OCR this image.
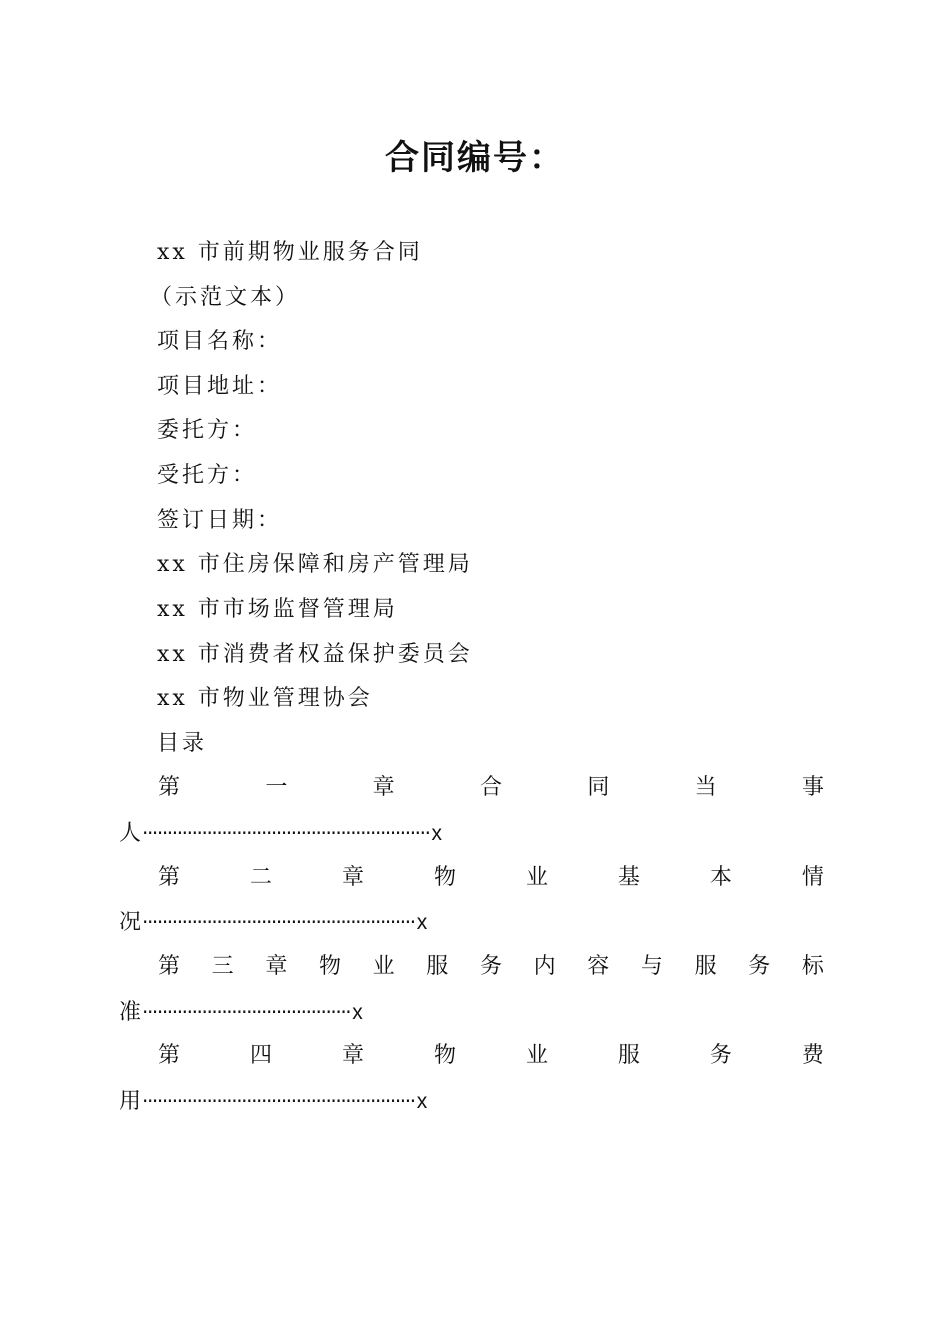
合同编号：
xx 市前期物业服务合同
（示范文本）
项目名称：
项目地址：
委托方：
受托方：
签订日期：
xx 市住房保障和房产管理局
xx 市市场监督管理局
xx 市消费者权益保护委员会
xx 市物业管理协会
目录
第	一	章	合	同	当	事
人··························································x
第	二	章	物	业	基	本	情
况·······················································x
第 三 章 物 业 服 务 内 容 与 服 务 标
准··········································x
第	四	章	物	业	服	务	费
用·······················································x
